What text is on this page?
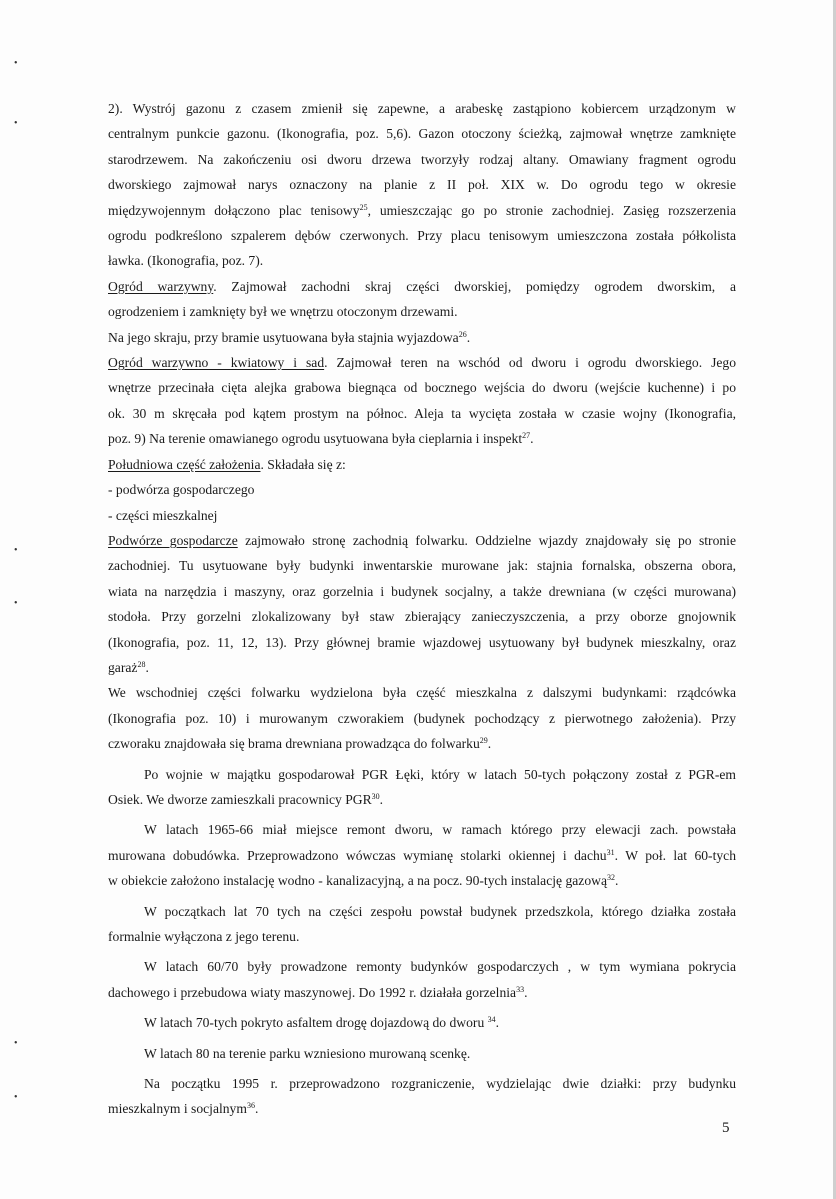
•
•
•
•
•
•

2). Wystrój gazonu z czasem zmienił się zapewne, a arabeskę zastąpiono kobiercem urządzonym w

centralnym punkcie gazonu. (Ikonografia, poz. 5,6). Gazon otoczony ścieżką, zajmował wnętrze zamknięte

starodrzewem. Na zakończeniu osi dworu drzewa tworzyły rodzaj altany. Omawiany fragment ogrodu

dworskiego zajmował narys oznaczony na planie z II poł. XIX w. Do ogrodu tego w okresie

międzywojennym dołączono plac tenisowy$^{25}$, umieszczając go po stronie zachodniej. Zasięg rozszerzenia

ogrodu podkreślono szpalerem dębów czerwonych. Przy placu tenisowym umieszczona została półkolista

ławka. (Ikonografia, poz. 7).

Ogród warzywny. Zajmował zachodni skraj części dworskiej, pomiędzy ogrodem dworskim, a

ogrodzeniem i zamknięty był we wnętrzu otoczonym drzewami.

Na jego skraju, przy bramie usytuowana była stajnia wyjazdowa$^{26}$.

Ogród warzywno - kwiatowy i sad. Zajmował teren na wschód od dworu i ogrodu dworskiego. Jego

wnętrze przecinała cięta alejka grabowa biegnąca od bocznego wejścia do dworu (wejście kuchenne) i po

ok. 30 m skręcała pod kątem prostym na północ. Aleja ta wycięta została w czasie wojny (Ikonografia,

poz. 9) Na terenie omawianego ogrodu usytuowana była cieplarnia i inspekt$^{27}$.

Południowa część założenia. Składała się z:

- podwórza gospodarczego

- części mieszkalnej

Podwórze gospodarcze zajmowało stronę zachodnią folwarku. Oddzielne wjazdy znajdowały się po stronie

zachodniej. Tu usytuowane były budynki inwentarskie murowane jak: stajnia fornalska, obszerna obora,

wiata na narzędzia i maszyny, oraz gorzelnia i budynek socjalny, a także drewniana (w części murowana)

stodoła. Przy gorzelni zlokalizowany był staw zbierający zanieczyszczenia, a przy oborze gnojownik

(Ikonografia, poz. 11, 12, 13). Przy głównej bramie wjazdowej usytuowany był budynek mieszkalny, oraz

garaż$^{28}$.

We wschodniej części folwarku wydzielona była część mieszkalna z dalszymi budynkami: rządcówka

(Ikonografia poz. 10) i murowanym czworakiem (budynek pochodzący z pierwotnego założenia). Przy

czworaku znajdowała się brama drewniana prowadząca do folwarku$^{29}$.

Po wojnie w majątku gospodarował PGR Łęki, który w latach 50-tych połączony został z PGR-em

Osiek. We dworze zamieszkali pracownicy PGR$^{30}$.

W latach 1965-66 miał miejsce remont dworu, w ramach którego przy elewacji zach. powstała

murowana dobudówka. Przeprowadzono wówczas wymianę stolarki okiennej i dachu$^{31}$. W poł. lat 60-tych

w obiekcie założono instalację wodno - kanalizacyjną, a na pocz. 90-tych instalację gazową$^{32}$.

W początkach lat 70 tych na części zespołu powstał budynek przedszkola, którego działka została

formalnie wyłączona z jego terenu.

W latach 60/70 były prowadzone remonty budynków gospodarczych , w tym wymiana pokrycia

dachowego i przebudowa wiaty maszynowej. Do 1992 r. działała gorzelnia$^{33}$.

W latach 70-tych pokryto asfaltem drogę dojazdową do dworu $^{34}$.

W latach 80 na terenie parku wzniesiono murowaną scenkę.

Na początku 1995 r. przeprowadzono rozgraniczenie, wydzielając dwie działki: przy budynku

mieszkalnym i socjalnym$^{36}$.

5
